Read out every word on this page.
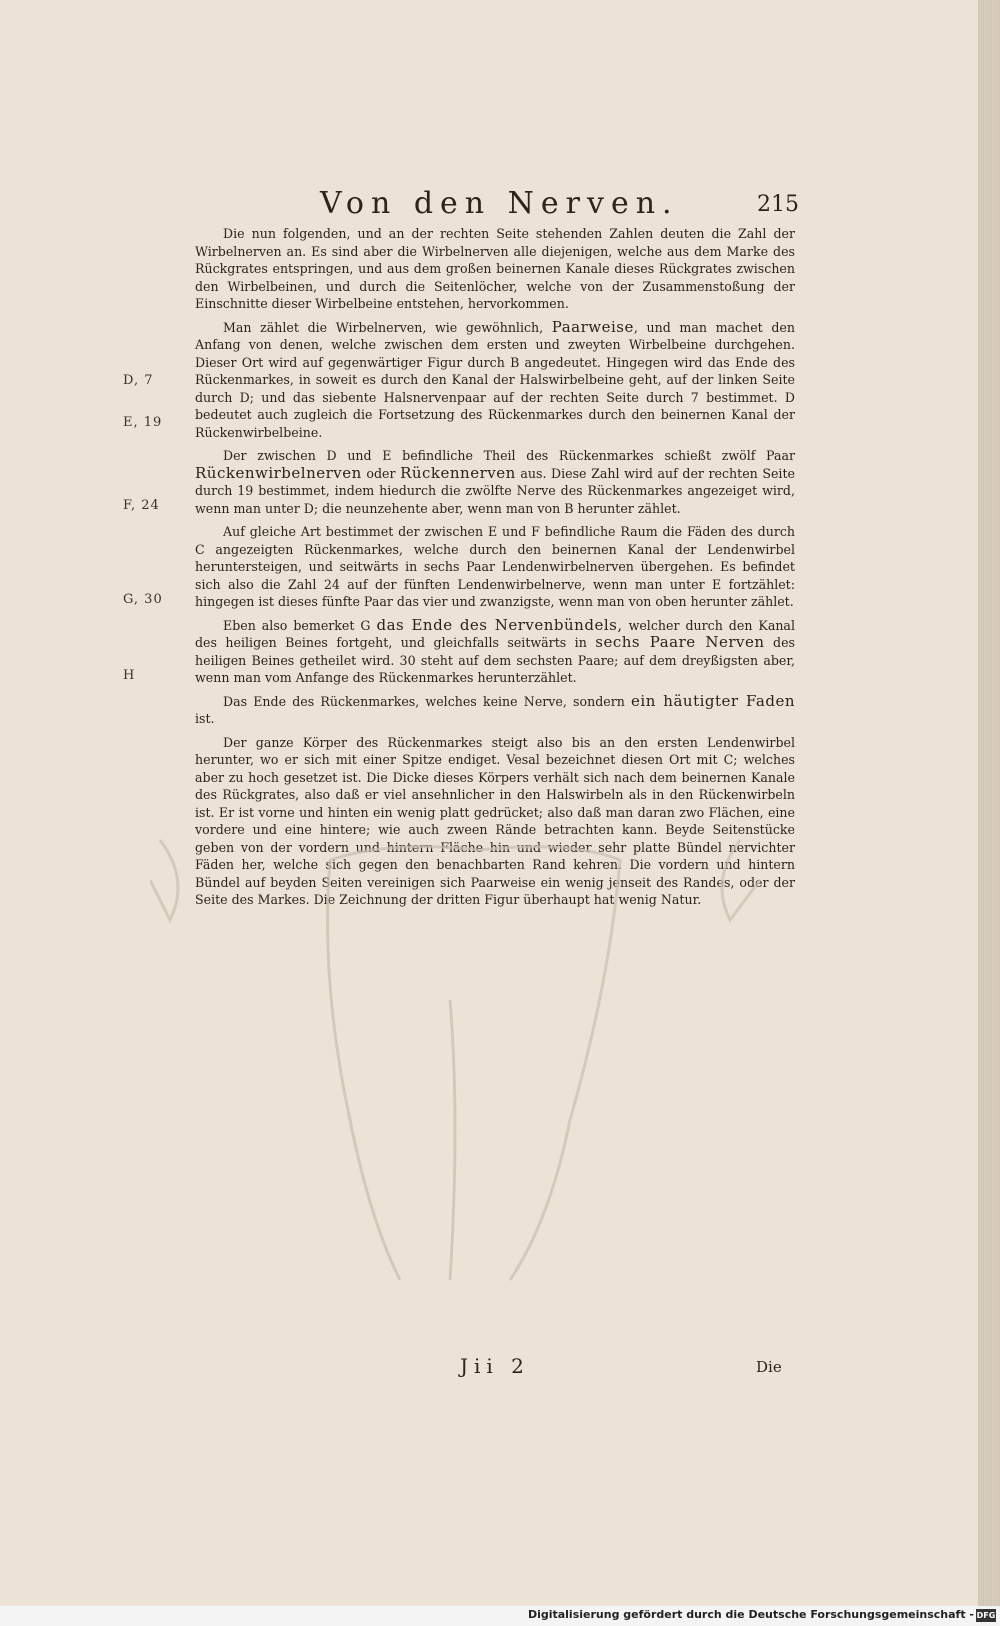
Von den Nerven.	215
D, 7
E, 19
F, 24
G, 30
H

Die nun folgenden, und an der rechten Seite stehenden Zahlen deuten die Zahl der Wirbelnerven an. Es sind aber die Wirbelnerven alle diejenigen, welche aus dem Marke des Rückgrates entspringen, und aus dem großen beinernen Kanale dieses Rückgrates zwischen den Wirbelbeinen, und durch die Seitenlöcher, welche von der Zusammenstoßung der Einschnitte dieser Wirbelbeine entstehen, hervorkommen.

Man zählet die Wirbelnerven, wie gewöhnlich, Paarweise, und man machet den Anfang von denen, welche zwischen dem ersten und zweyten Wirbelbeine durchgehen. Dieser Ort wird auf gegenwärtiger Figur durch B angedeutet. Hingegen wird das Ende des Rückenmarkes, in soweit es durch den Kanal der Halswirbelbeine geht, auf der linken Seite durch D; und das siebente Halsnervenpaar auf der rechten Seite durch 7 bestimmet. D bedeutet auch zugleich die Fortsetzung des Rückenmarkes durch den beinernen Kanal der Rückenwirbelbeine.

Der zwischen D und E befindliche Theil des Rückenmarkes schießt zwölf Paar Rückenwirbelnerven oder Rückennerven aus. Diese Zahl wird auf der rechten Seite durch 19 bestimmet, indem hiedurch die zwölfte Nerve des Rückenmarkes angezeiget wird, wenn man unter D; die neunzehente aber, wenn man von B herunter zählet.

Auf gleiche Art bestimmet der zwischen E und F befindliche Raum die Fäden des durch C angezeigten Rückenmarkes, welche durch den beinernen Kanal der Lendenwirbel heruntersteigen, und seitwärts in sechs Paar Lendenwirbelnerven übergehen. Es befindet sich also die Zahl 24 auf der fünften Lendenwirbelnerve, wenn man unter E fortzählet: hingegen ist dieses fünfte Paar das vier und zwanzigste, wenn man von oben herunter zählet.

Eben also bemerket G das Ende des Nervenbündels, welcher durch den Kanal des heiligen Beines fortgeht, und gleichfalls seitwärts in sechs Paare Nerven des heiligen Beines getheilet wird. 30 steht auf dem sechsten Paare; auf dem dreyßigsten aber, wenn man vom Anfange des Rückenmarkes herunterzählet.

Das Ende des Rückenmarkes, welches keine Nerve, sondern ein häutigter Faden ist.

Der ganze Körper des Rückenmarkes steigt also bis an den ersten Lendenwirbel herunter, wo er sich mit einer Spitze endiget. Vesal bezeichnet diesen Ort mit C; welches aber zu hoch gesetzet ist. Die Dicke dieses Körpers verhält sich nach dem beinernen Kanale des Rückgrates, also daß er viel ansehnlicher in den Halswirbeln als in den Rückenwirbeln ist. Er ist vorne und hinten ein wenig platt gedrücket; also daß man daran zwo Flächen, eine vordere und eine hintere; wie auch zween Rände betrachten kann. Beyde Seitenstücke geben von der vordern und hintern Fläche hin und wieder sehr platte Bündel nervichter Fäden her, welche sich gegen den benachbarten Rand kehren. Die vordern und hintern Bündel auf beyden Seiten vereinigen sich Paarweise ein wenig jenseit des Randes, oder der Seite des Markes. Die Zeichnung der dritten Figur überhaupt hat wenig Natur.

Jii 2	Die
Digitalisierung gefördert durch die Deutsche Forschungsgemeinschaft - DFG
